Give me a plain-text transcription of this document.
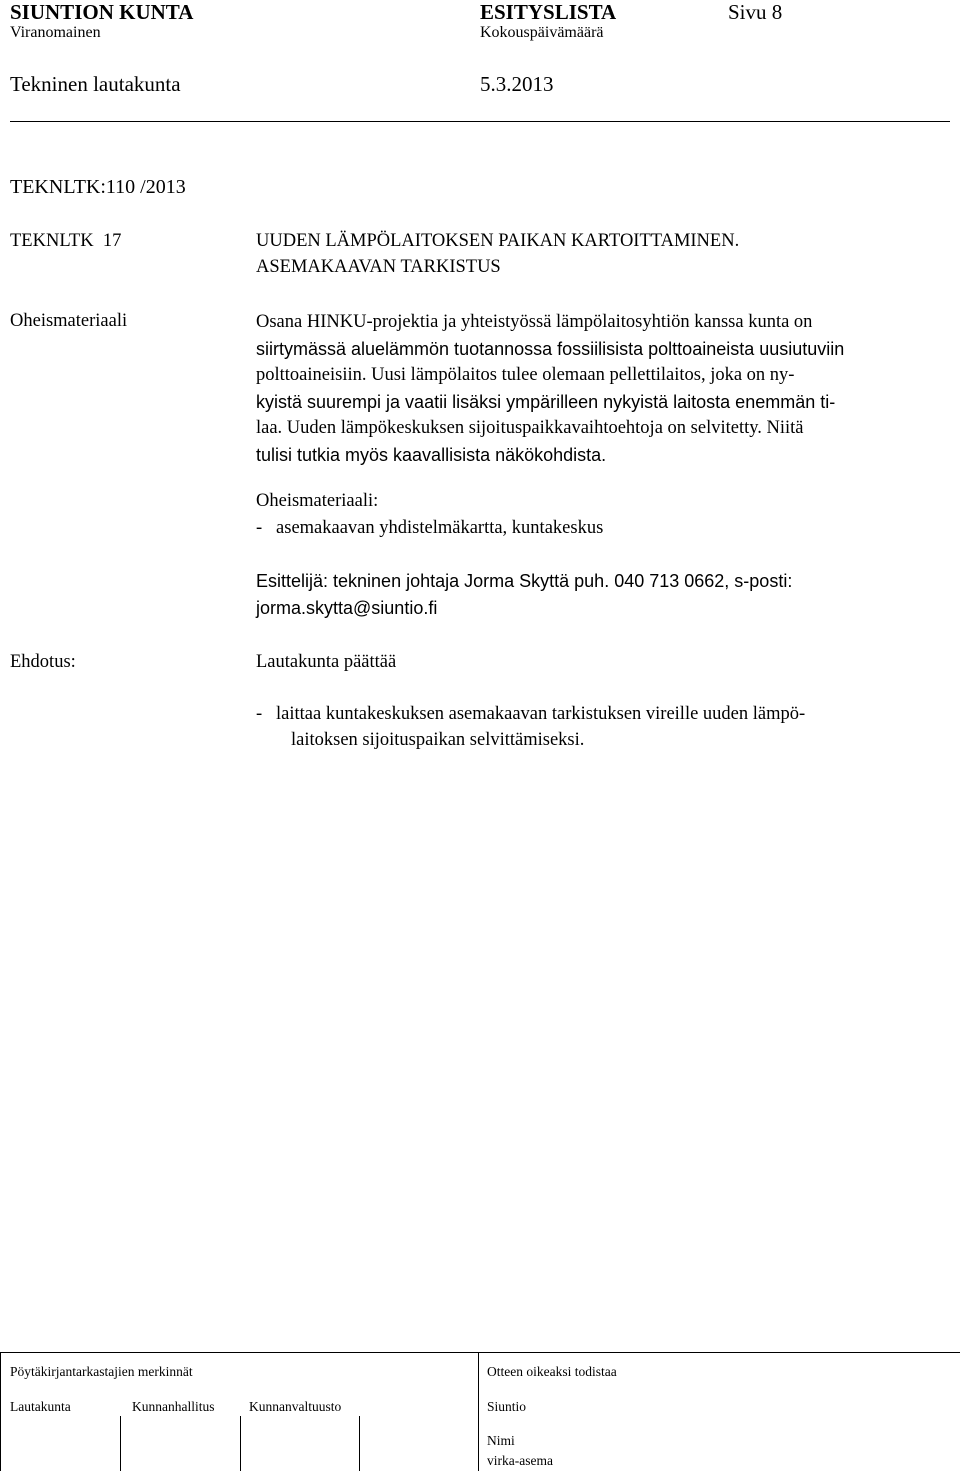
SIUNTION KUNTA	ESITYSLISTA	Sivu 8
Viranomainen	Kokouspäivämäärä
Tekninen lautakunta	5.3.2013
TEKNLTK:110 /2013
TEKNLTK  17	UUDEN LÄMPÖLAITOKSEN PAIKAN KARTOITTAMINEN.
ASEMAKAAVAN TARKISTUS
Oheismateriaali	Osana HINKU-projektia ja yhteistyössä lämpölaitosyhtiön kanssa kunta on
siirtymässä aluelämmön tuotannossa fossiilisista polttoaineista uusiutuviin
polttoaineisiin. Uusi lämpölaitos tulee olemaan pellettilaitos, joka on ny-
kyistä suurempi ja vaatii lisäksi ympärilleen nykyistä laitosta enemmän ti-
laa. Uuden lämpökeskuksen sijoituspaikkavaihtoehtoja on selvitetty. Niitä
tulisi tutkia myös kaavallisista näkökohdista.
Oheismateriaali:
-   asemakaavan yhdistelmäkartta, kuntakeskus
Esittelijä: tekninen johtaja Jorma Skyttä puh. 040 713 0662, s-posti:
jorma.skytta@siuntio.fi
Ehdotus:	Lautakunta päättää
-   laittaa kuntakeskuksen asemakaavan tarkistuksen vireille uuden lämpö-
laitoksen sijoituspaikan selvittämiseksi.
Pöytäkirjantarkastajien merkinnät	Otteen oikeaksi todistaa
Lautakunta	Kunnanhallitus	Kunnanvaltuusto	Siuntio
Nimi
virka-asema
